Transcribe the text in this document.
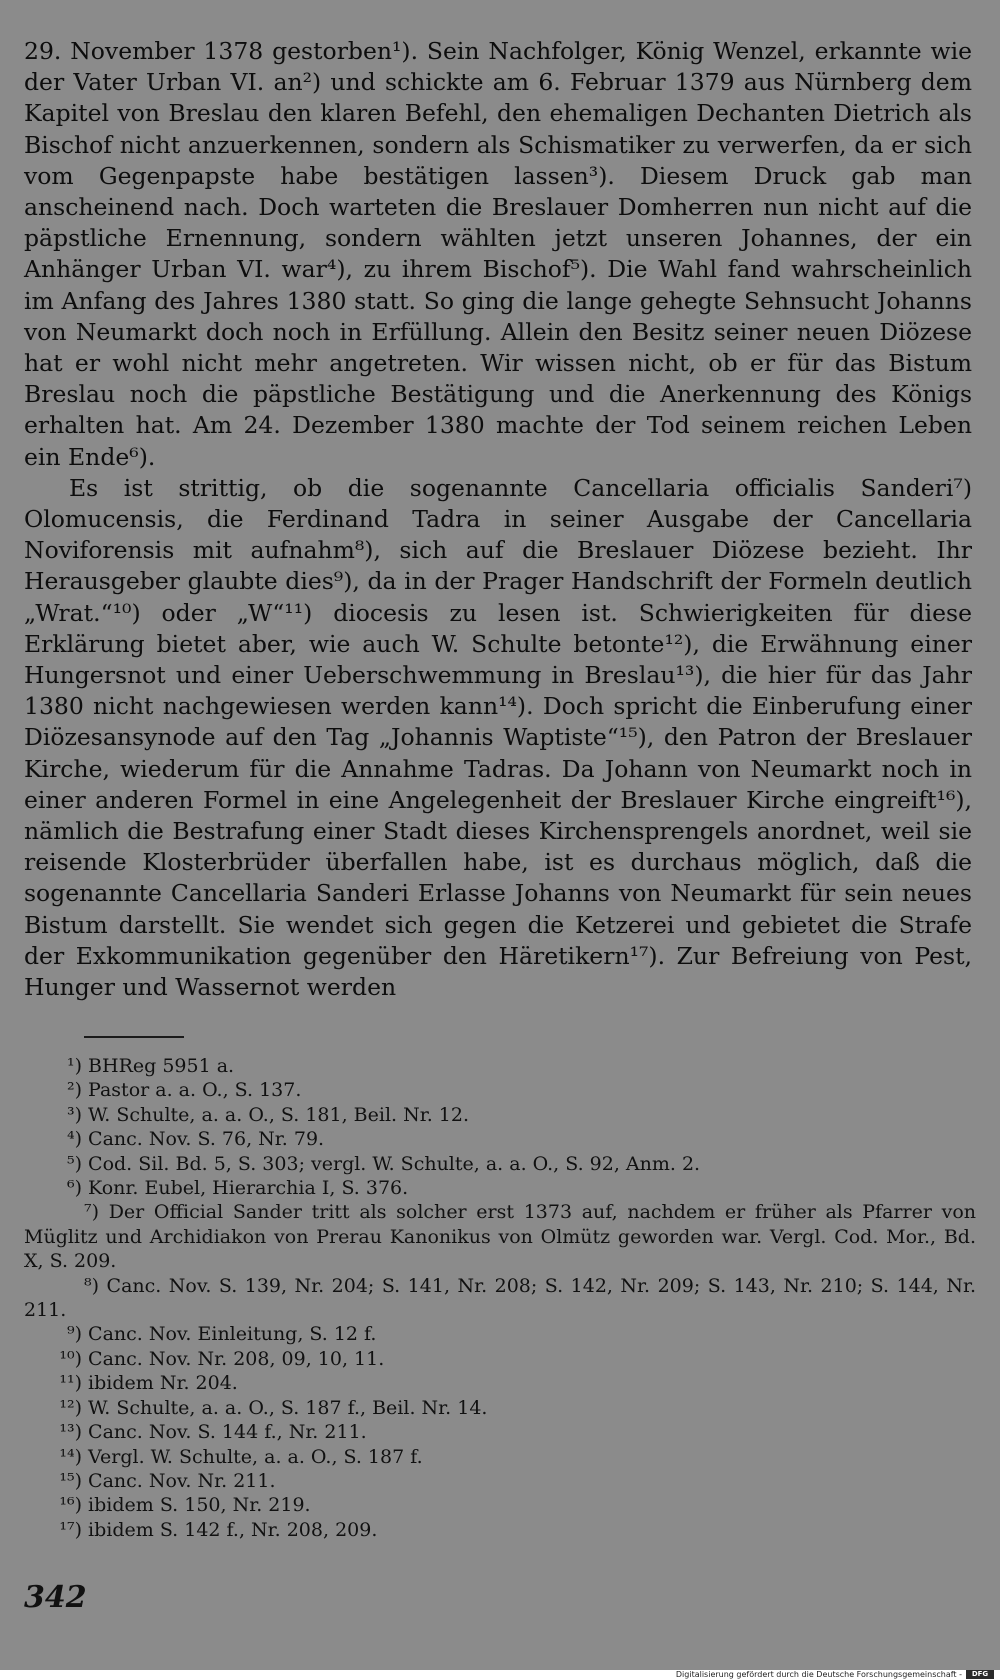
29. November 1378 gestorben¹). Sein Nachfolger, König Wenzel, erkannte wie der Vater Urban VI. an²) und schickte am 6. Februar 1379 aus Nürnberg dem Kapitel von Breslau den klaren Befehl, den ehemaligen Dechanten Dietrich als Bischof nicht anzuerkennen, sondern als Schismatiker zu verwerfen, da er sich vom Gegenpapste habe bestätigen lassen³). Diesem Druck gab man anscheinend nach. Doch warteten die Breslauer Domherren nun nicht auf die päpstliche Ernennung, sondern wählten jetzt unseren Johannes, der ein Anhänger Urban VI. war⁴), zu ihrem Bischof⁵). Die Wahl fand wahrscheinlich im Anfang des Jahres 1380 statt. So ging die lange gehegte Sehnsucht Johanns von Neumarkt doch noch in Erfüllung. Allein den Besitz seiner neuen Diözese hat er wohl nicht mehr angetreten. Wir wissen nicht, ob er für das Bistum Breslau noch die päpstliche Bestätigung und die Anerkennung des Königs erhalten hat. Am 24. Dezember 1380 machte der Tod seinem reichen Leben ein Ende⁶).

Es ist strittig, ob die sogenannte Cancellaria officialis Sanderi⁷) Olomucensis, die Ferdinand Tadra in seiner Ausgabe der Cancellaria Noviforensis mit aufnahm⁸), sich auf die Breslauer Diözese bezieht. Ihr Herausgeber glaubte dies⁹), da in der Prager Handschrift der Formeln deutlich „Wrat.“¹⁰) oder „W“¹¹) diocesis zu lesen ist. Schwierigkeiten für diese Erklärung bietet aber, wie auch W. Schulte betonte¹²), die Erwähnung einer Hungersnot und einer Ueberschwemmung in Breslau¹³), die hier für das Jahr 1380 nicht nachgewiesen werden kann¹⁴). Doch spricht die Einberufung einer Diözesansynode auf den Tag „Johannis Waptiste“¹⁵), den Patron der Breslauer Kirche, wiederum für die Annahme Tadras. Da Johann von Neumarkt noch in einer anderen Formel in eine Angelegenheit der Breslauer Kirche eingreift¹⁶), nämlich die Bestrafung einer Stadt dieses Kirchensprengels anordnet, weil sie reisende Klosterbrüder überfallen habe, ist es durchaus möglich, daß die sogenannte Cancellaria Sanderi Erlasse Johanns von Neumarkt für sein neues Bistum darstellt. Sie wendet sich gegen die Ketzerei und gebietet die Strafe der Exkommunikation gegenüber den Häretikern¹⁷). Zur Befreiung von Pest, Hunger und Wassernot werden

¹) BHReg 5951 a.
²) Pastor a. a. O., S. 137.
³) W. Schulte, a. a. O., S. 181, Beil. Nr. 12.
⁴) Canc. Nov. S. 76, Nr. 79.
⁵) Cod. Sil. Bd. 5, S. 303; vergl. W. Schulte, a. a. O., S. 92, Anm. 2.
⁶) Konr. Eubel, Hierarchia I, S. 376.
⁷) Der Official Sander tritt als solcher erst 1373 auf, nachdem er früher als Pfarrer von Müglitz und Archidiakon von Prerau Kanonikus von Olmütz geworden war. Vergl. Cod. Mor., Bd. X, S. 209.
⁸) Canc. Nov. S. 139, Nr. 204; S. 141, Nr. 208; S. 142, Nr. 209; S. 143, Nr. 210; S. 144, Nr. 211.
⁹) Canc. Nov. Einleitung, S. 12 f.
¹⁰) Canc. Nov. Nr. 208, 09, 10, 11.
¹¹) ibidem Nr. 204.
¹²) W. Schulte, a. a. O., S. 187 f., Beil. Nr. 14.
¹³) Canc. Nov. S. 144 f., Nr. 211.
¹⁴) Vergl. W. Schulte, a. a. O., S. 187 f.
¹⁵) Canc. Nov. Nr. 211.
¹⁶) ibidem S. 150, Nr. 219.
¹⁷) ibidem S. 142 f., Nr. 208, 209.
342
Digitalisierung gefördert durch die Deutsche Forschungsgemeinschaft -	DFG
